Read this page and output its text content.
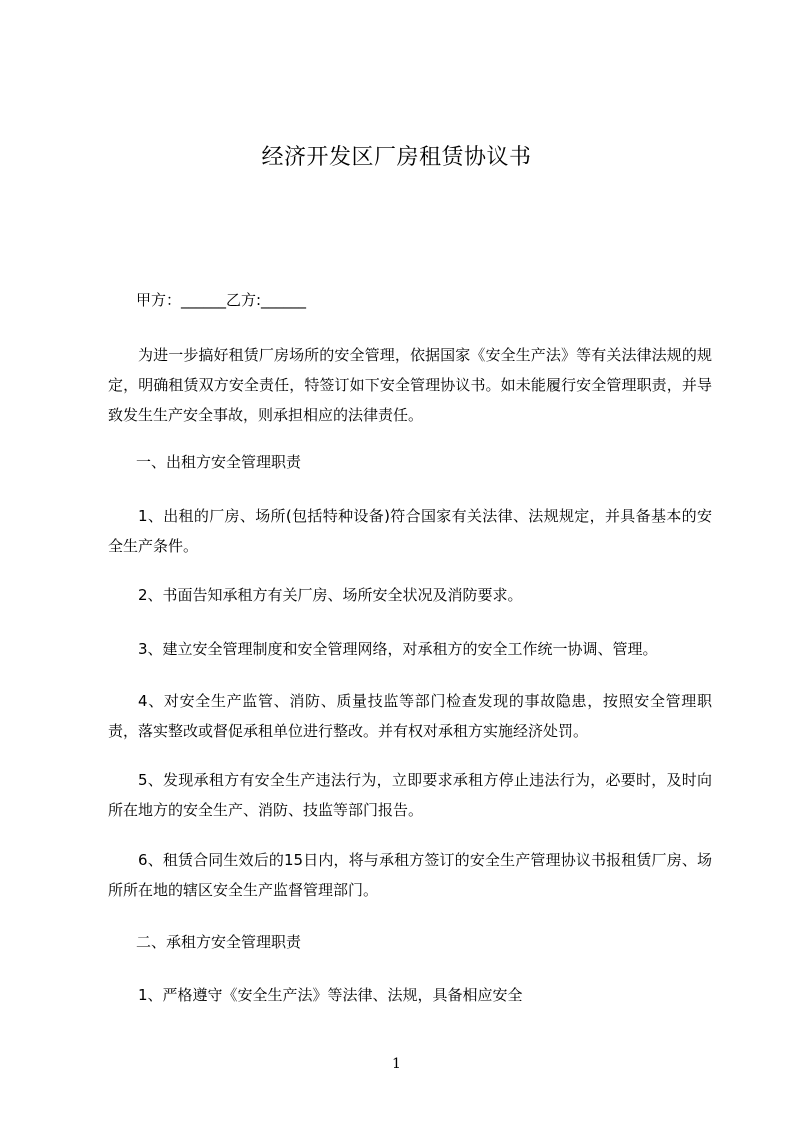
经济开发区厂房租赁协议书
甲方：______乙方:______

为进一步搞好租赁厂房场所的安全管理，依据国家《安全生产法》等有关法律法规的规定，明确租赁双方安全责任，特签订如下安全管理协议书。如未能履行安全管理职责，并导致发生生产安全事故，则承担相应的法律责任。

一、出租方安全管理职责

1、出租的厂房、场所(包括特种设备)符合国家有关法律、法规规定，并具备基本的安全生产条件。

2、书面告知承租方有关厂房、场所安全状况及消防要求。

3、建立安全管理制度和安全管理网络，对承租方的安全工作统一协调、管理。

4、对安全生产监管、消防、质量技监等部门检查发现的事故隐患，按照安全管理职责，落实整改或督促承租单位进行整改。并有权对承租方实施经济处罚。

5、发现承租方有安全生产违法行为，立即要求承租方停止违法行为，必要时，及时向所在地方的安全生产、消防、技监等部门报告。

6、租赁合同生效后的15日内，将与承租方签订的安全生产管理协议书报租赁厂房、场所所在地的辖区安全生产监督管理部门。

二、承租方安全管理职责

1、严格遵守《安全生产法》等法律、法规，具备相应安全

1
